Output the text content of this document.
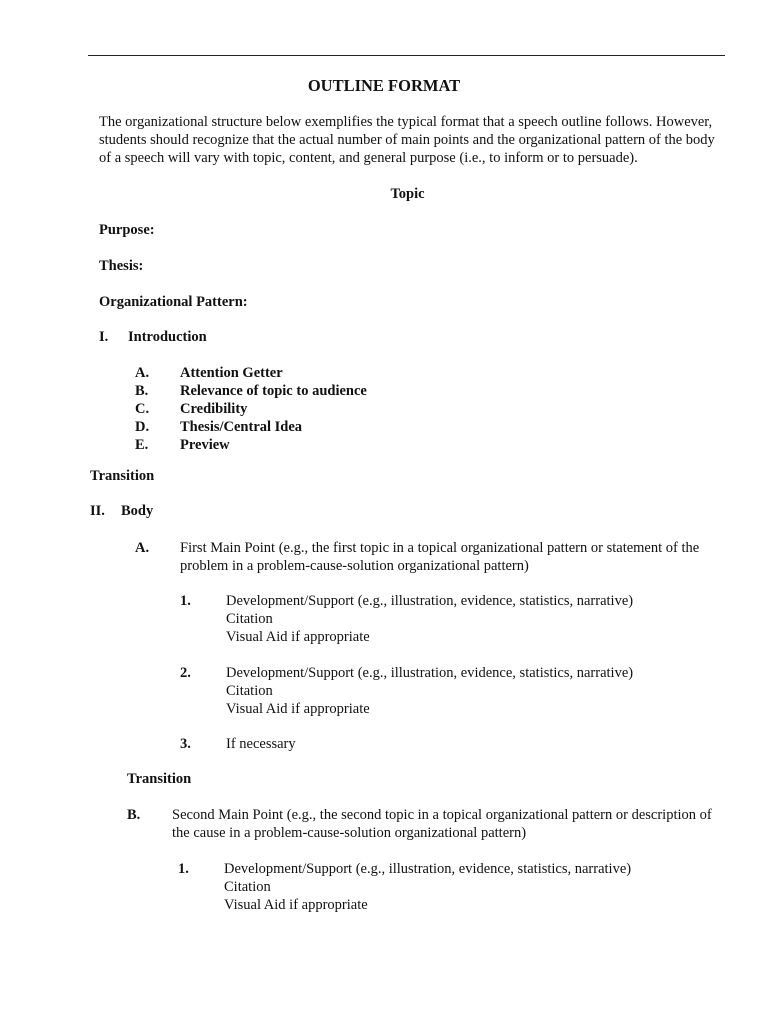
OUTLINE FORMAT
The organizational structure below exemplifies the typical format that a speech outline follows. However, students should recognize that the actual number of main points and the organizational pattern of the body of a speech will vary with topic, content, and general purpose (i.e., to inform or to persuade).
Topic
Purpose:
Thesis:
Organizational Pattern:
I. Introduction
A. Attention Getter
B. Relevance of topic to audience
C. Credibility
D. Thesis/Central Idea
E. Preview
Transition
II. Body
A. First Main Point (e.g., the first topic in a topical organizational pattern or statement of the problem in a problem-cause-solution organizational pattern)
1. Development/Support (e.g., illustration, evidence, statistics, narrative)
Citation
Visual Aid if appropriate
2. Development/Support (e.g., illustration, evidence, statistics, narrative)
Citation
Visual Aid if appropriate
3. If necessary
Transition
B. Second Main Point (e.g., the second topic in a topical organizational pattern or description of the cause in a problem-cause-solution organizational pattern)
1. Development/Support (e.g., illustration, evidence, statistics, narrative)
Citation
Visual Aid if appropriate
